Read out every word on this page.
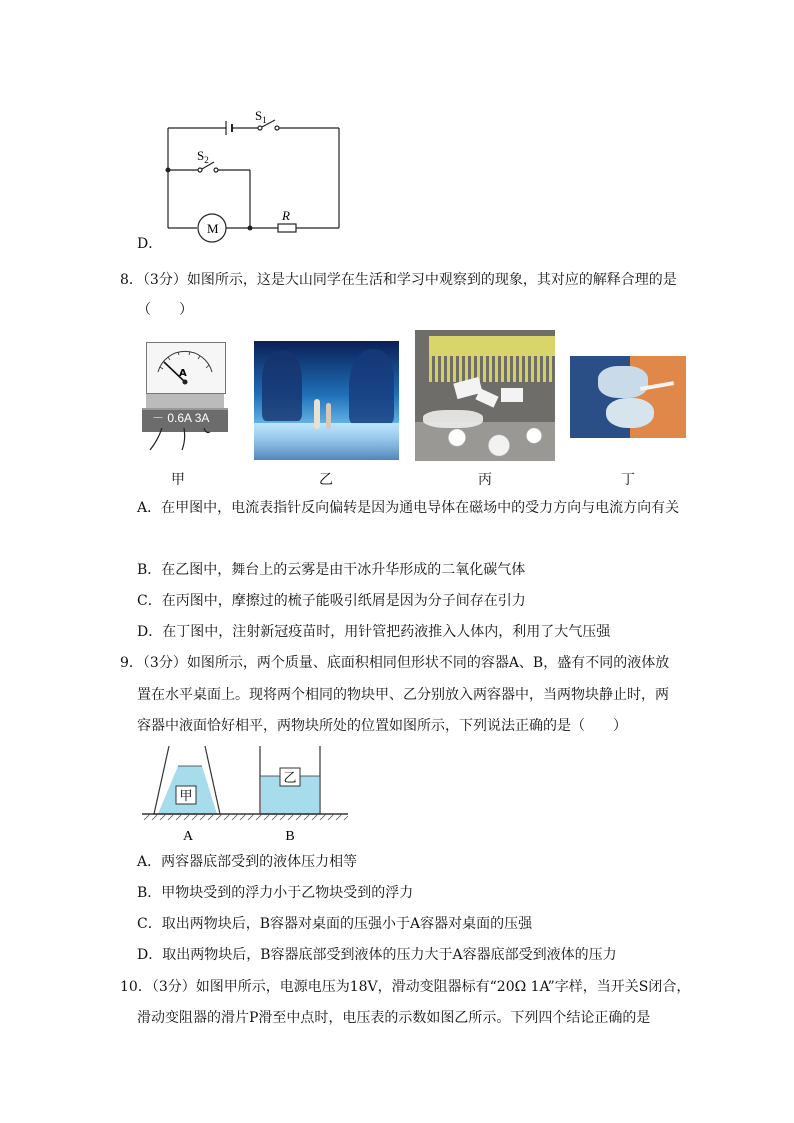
$S_1$
$S_2$
M
R
D．
8．（3分）如图所示，这是大山同学在生活和学习中观察到的现象，其对应的解释合理的是
（　　）
A
－ 0.6A 3A
甲	乙	丙	丁
A．在甲图中，电流表指针反向偏转是因为通电导体在磁场中的受力方向与电流方向有关
B．在乙图中，舞台上的云雾是由干冰升华形成的二氧化碳气体
C．在丙图中，摩擦过的梳子能吸引纸屑是因为分子间存在引力
D．在丁图中，注射新冠疫苗时，用针管把药液推入人体内，利用了大气压强
9．（3分）如图所示，两个质量、底面积相同但形状不同的容器A、B，盛有不同的液体放
置在水平桌面上。现将两个相同的物块甲、乙分别放入两容器中，当两物块静止时，两
容器中液面恰好相平，两物块所处的位置如图所示，下列说法正确的是（　　）
甲
乙
A	B
A．两容器底部受到的液体压力相等
B．甲物块受到的浮力小于乙物块受到的浮力
C．取出两物块后，B容器对桌面的压强小于A容器对桌面的压强
D．取出两物块后，B容器底部受到液体的压力大于A容器底部受到液体的压力
10．（3分）如图甲所示，电源电压为18V，滑动变阻器标有“20Ω 1A”字样，当开关S闭合，
滑动变阻器的滑片P滑至中点时，电压表的示数如图乙所示。下列四个结论正确的是
